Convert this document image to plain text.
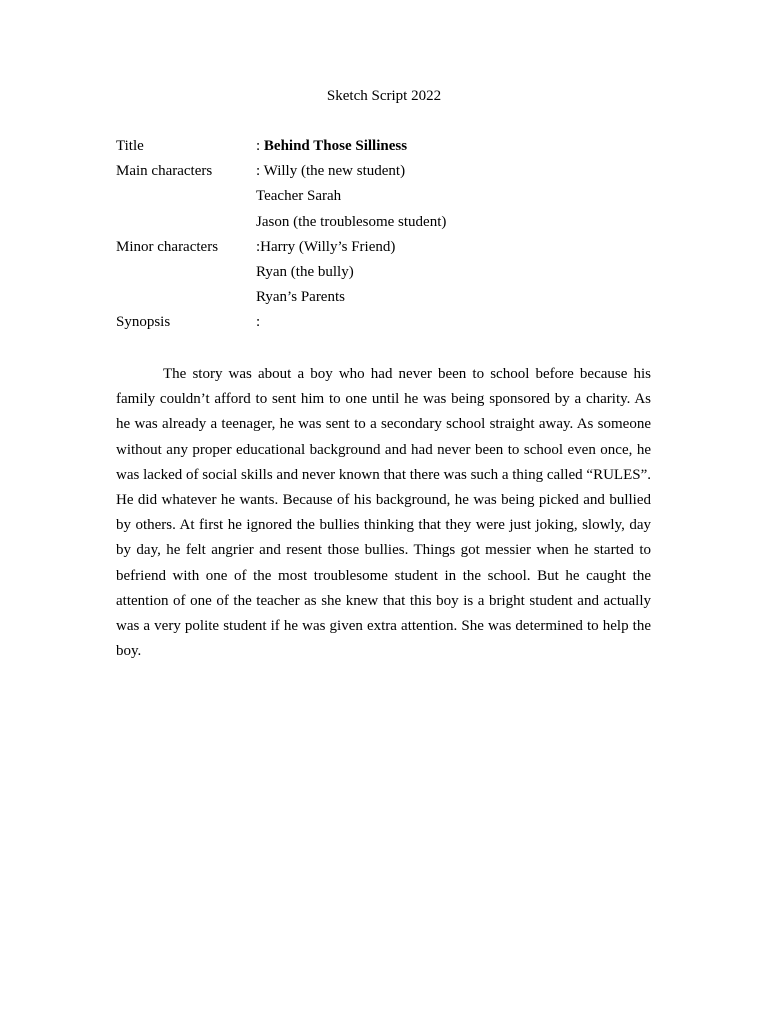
Sketch Script 2022
Title	: Behind Those Silliness
Main characters	: Willy (the new student)
Teacher Sarah
Jason (the troublesome student)
Minor characters	:Harry (Willy’s Friend)
Ryan (the bully)
Ryan’s Parents
Synopsis	:

The story was about a boy who had never been to school before because his family couldn’t afford to sent him to one until he was being sponsored by a charity. As he was already a teenager, he was sent to a secondary school straight away. As someone without any proper educational background and had never been to school even once, he was lacked of social skills and never known that there was such a thing called “RULES”. He did whatever he wants. Because of his background, he was being picked and bullied by others. At first he ignored the bullies thinking that they were just joking, slowly, day by day, he felt angrier and resent those bullies. Things got messier when he started to befriend with one of the most troublesome student in the school. But he caught the attention of one of the teacher as she knew that this boy is a bright student and actually was a very polite student if he was given extra attention. She was determined to help the boy.
